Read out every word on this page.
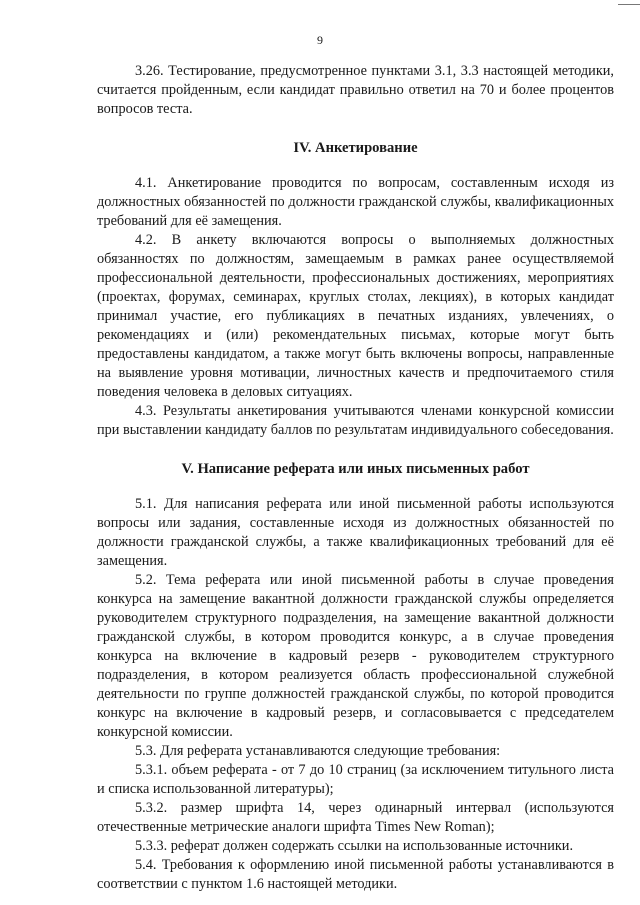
9

3.26. Тестирование, предусмотренное пунктами 3.1, 3.3 настоящей методики, считается пройденным, если кандидат правильно ответил на 70 и более процентов вопросов теста.

IV. Анкетирование

4.1. Анкетирование проводится по вопросам, составленным исходя из должностных обязанностей по должности гражданской службы, квалификационных требований для её замещения.

4.2. В анкету включаются вопросы о выполняемых должностных обязанностях по должностям, замещаемым в рамках ранее осуществляемой профессиональной деятельности, профессиональных достижениях, мероприятиях (проектах, форумах, семинарах, круглых столах, лекциях), в которых кандидат принимал участие, его публикациях в печатных изданиях, увлечениях, о рекомендациях и (или) рекомендательных письмах, которые могут быть предоставлены кандидатом, а также могут быть включены вопросы, направленные на выявление уровня мотивации, личностных качеств и предпочитаемого стиля поведения человека в деловых ситуациях.

4.3. Результаты анкетирования учитываются членами конкурсной комиссии при выставлении кандидату баллов по результатам индивидуального собеседования.

V. Написание реферата или иных письменных работ

5.1. Для написания реферата или иной письменной работы используются вопросы или задания, составленные исходя из должностных обязанностей по должности гражданской службы, а также квалификационных требований для её замещения.

5.2. Тема реферата или иной письменной работы в случае проведения конкурса на замещение вакантной должности гражданской службы определяется руководителем структурного подразделения, на замещение вакантной должности гражданской службы, в котором проводится конкурс, а в случае проведения конкурса на включение в кадровый резерв - руководителем структурного подразделения, в котором реализуется область профессиональной служебной деятельности по группе должностей гражданской службы, по которой проводится конкурс на включение в кадровый резерв, и согласовывается с председателем конкурсной комиссии.

5.3. Для реферата устанавливаются следующие требования:

5.3.1. объем реферата - от 7 до 10 страниц (за исключением титульного листа и списка использованной литературы);

5.3.2. размер шрифта 14, через одинарный интервал (используются отечественные метрические аналоги шрифта Times New Roman);

5.3.3. реферат должен содержать ссылки на использованные источники.

5.4. Требования к оформлению иной письменной работы устанавливаются в соответствии с пунктом 1.6 настоящей методики.
